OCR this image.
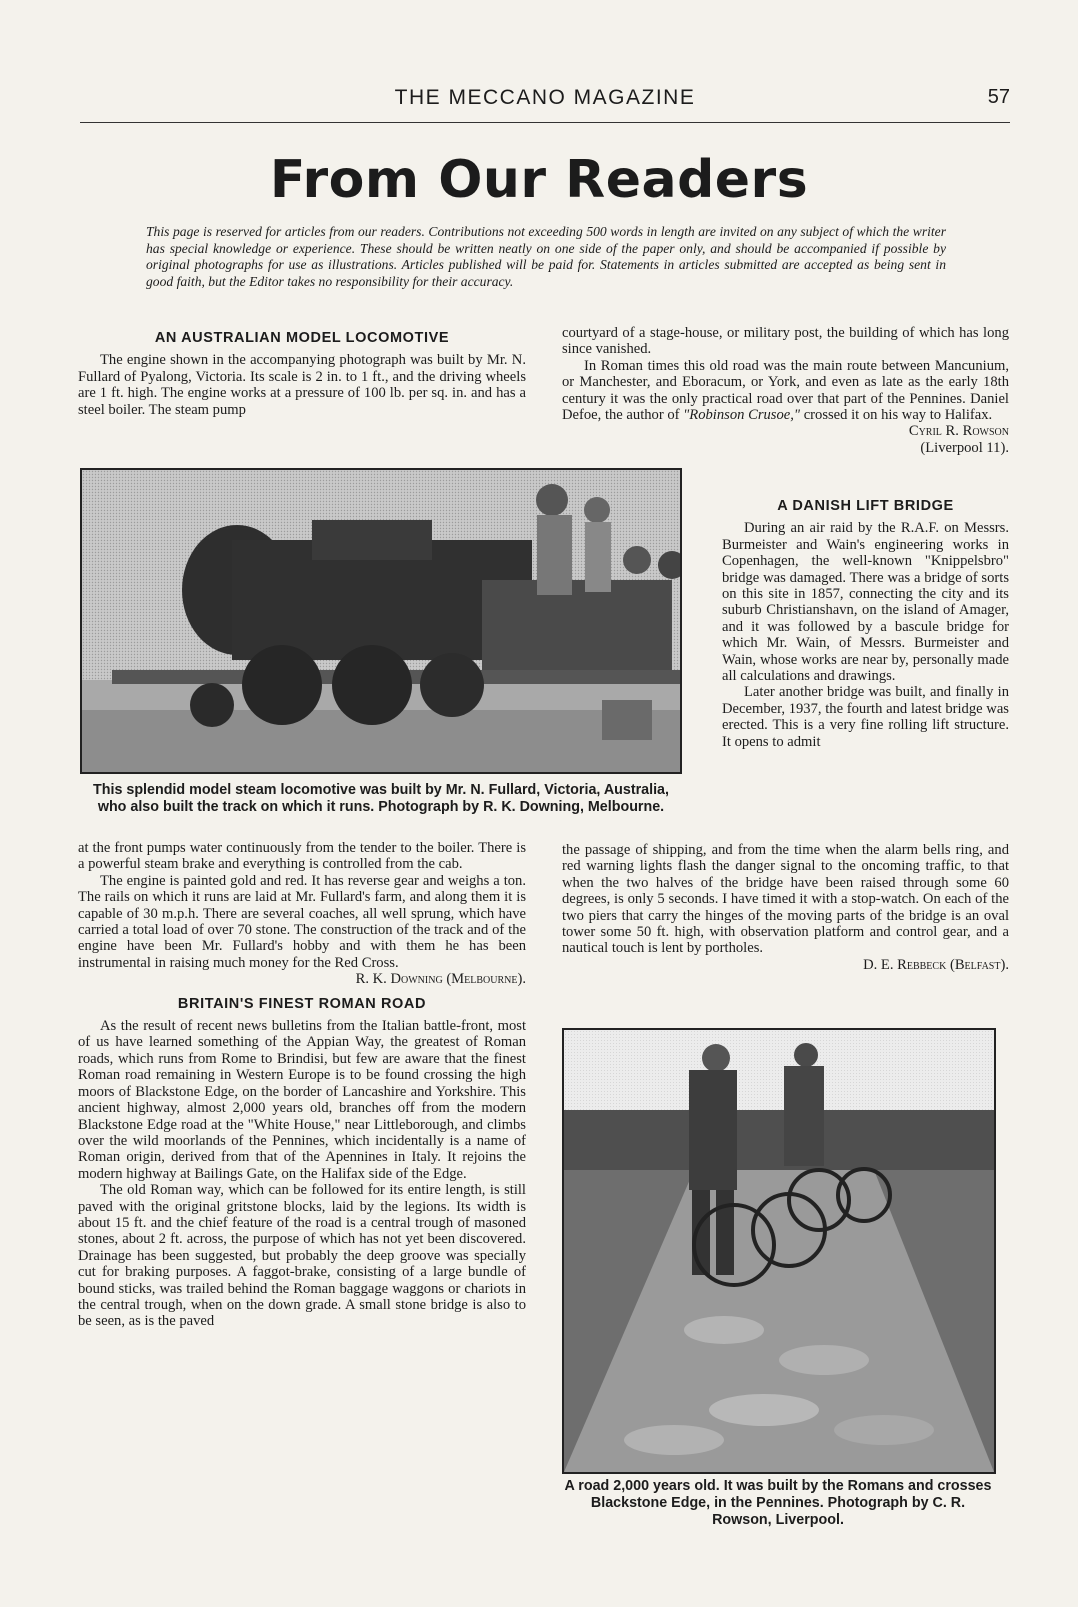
THE MECCANO MAGAZINE	57
From Our Readers
This page is reserved for articles from our readers. Contributions not exceeding 500 words in length are invited on any subject of which the writer has special knowledge or experience. These should be written neatly on one side of the paper only, and should be accompanied if possible by original photographs for use as illustrations. Articles published will be paid for. Statements in articles submitted are accepted as being sent in good faith, but the Editor takes no responsibility for their accuracy.
AN AUSTRALIAN MODEL LOCOMOTIVE

The engine shown in the accompanying photograph was built by Mr. N. Fullard of Pyalong, Victoria. Its scale is 2 in. to 1 ft., and the driving wheels are 1 ft. high. The engine works at a pressure of 100 lb. per sq. in. and has a steel boiler. The steam pump

This splendid model steam locomotive was built by Mr. N. Fullard, Victoria, Australia, who also built the track on which it runs. Photograph by R. K. Downing, Melbourne.

at the front pumps water continuously from the tender to the boiler. There is a powerful steam brake and everything is controlled from the cab.

The engine is painted gold and red. It has reverse gear and weighs a ton. The rails on which it runs are laid at Mr. Fullard's farm, and along them it is capable of 30 m.p.h. There are several coaches, all well sprung, which have carried a total load of over 70 stone. The construction of the track and of the engine have been Mr. Fullard's hobby and with them he has been instrumental in raising much money for the Red Cross.

R. K. Downing (Melbourne).
BRITAIN'S FINEST ROMAN ROAD

As the result of recent news bulletins from the Italian battle-front, most of us have learned something of the Appian Way, the greatest of Roman roads, which runs from Rome to Brindisi, but few are aware that the finest Roman road remaining in Western Europe is to be found crossing the high moors of Blackstone Edge, on the border of Lancashire and Yorkshire. This ancient highway, almost 2,000 years old, branches off from the modern Blackstone Edge road at the "White House," near Littleborough, and climbs over the wild moorlands of the Pennines, which incidentally is a name of Roman origin, derived from that of the Apennines in Italy. It rejoins the modern highway at Bailings Gate, on the Halifax side of the Edge.

The old Roman way, which can be followed for its entire length, is still paved with the original gritstone blocks, laid by the legions. Its width is about 15 ft. and the chief feature of the road is a central trough of masoned stones, about 2 ft. across, the purpose of which has not yet been discovered. Drainage has been suggested, but probably the deep groove was specially cut for braking purposes. A faggot-brake, consisting of a large bundle of bound sticks, was trailed behind the Roman baggage waggons or chariots in the central trough, when on the down grade. A small stone bridge is also to be seen, as is the paved

courtyard of a stage-house, or military post, the building of which has long since vanished.

In Roman times this old road was the main route between Mancunium, or Manchester, and Eboracum, or York, and even as late as the early 18th century it was the only practical road over that part of the Pennines. Daniel Defoe, the author of "Robinson Crusoe," crossed it on his way to Halifax.

Cyril R. Rowson
(Liverpool 11).
A DANISH LIFT BRIDGE

During an air raid by the R.A.F. on Messrs. Burmeister and Wain's engineering works in Copenhagen, the well-known "Knippelsbro" bridge was damaged. There was a bridge of sorts on this site in 1857, connecting the city and its suburb Christianshavn, on the island of Amager, and it was followed by a bascule bridge for which Mr. Wain, of Messrs. Burmeister and Wain, whose works are near by, personally made all calculations and drawings.

Later another bridge was built, and finally in December, 1937, the fourth and latest bridge was erected. This is a very fine rolling lift structure. It opens to admit

the passage of shipping, and from the time when the alarm bells ring, and red warning lights flash the danger signal to the oncoming traffic, to that when the two halves of the bridge have been raised through some 60 degrees, is only 5 seconds. I have timed it with a stop-watch. On each of the two piers that carry the hinges of the moving parts of the bridge is an oval tower some 50 ft. high, with observation platform and control gear, and a nautical touch is lent by portholes.

D. E. Rebbeck (Belfast).
A road 2,000 years old. It was built by the Romans and crosses Blackstone Edge, in the Pennines. Photograph by C. R. Rowson, Liverpool.
